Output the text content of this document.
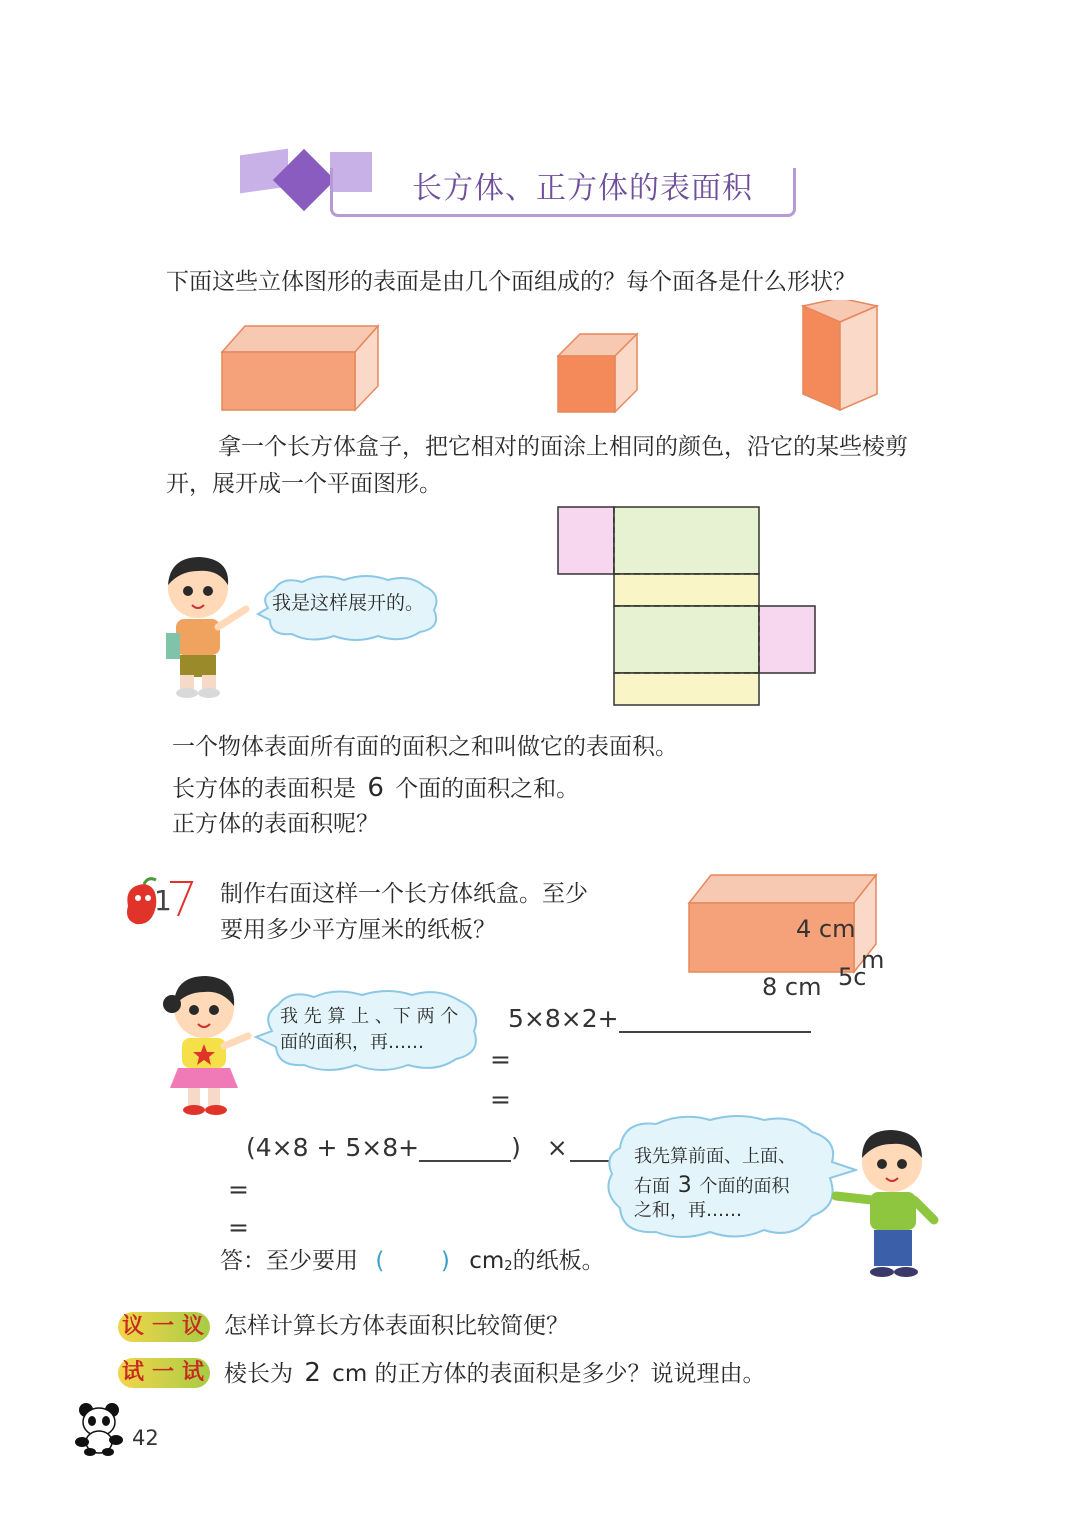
长方体、正方体的表面积
下面这些立体图形的表面是由几个面组成的？每个面各是什么形状？
拿一个长方体盒子，把它相对的面涂上相同的颜色，沿它的某些棱剪
开，展开成一个平面图形。
我是这样展开的。
一个物体表面所有面的面积之和叫做它的表面积。
长方体的表面积是 6 个面的面积之和。
正方体的表面积呢？
1 制作右面这样一个长方体纸盒。至少
要用多少平方厘米的纸板？	4 cm
8 cm 5c
m
我 先 算 上 、下 两 个
面的面积，再……
5×8×2+
=
=
(4×8 + 5×8+	) ×
=
=
我先算前面、上面、
右面 3 个面的面积
之和，再……
答：至少要用 ( ) cm2的纸板。
议 一 议 怎样计算长方体表面积比较简便？
试 一 试 棱长为 2 cm 的正方体的表面积是多少？说说理由。
42
